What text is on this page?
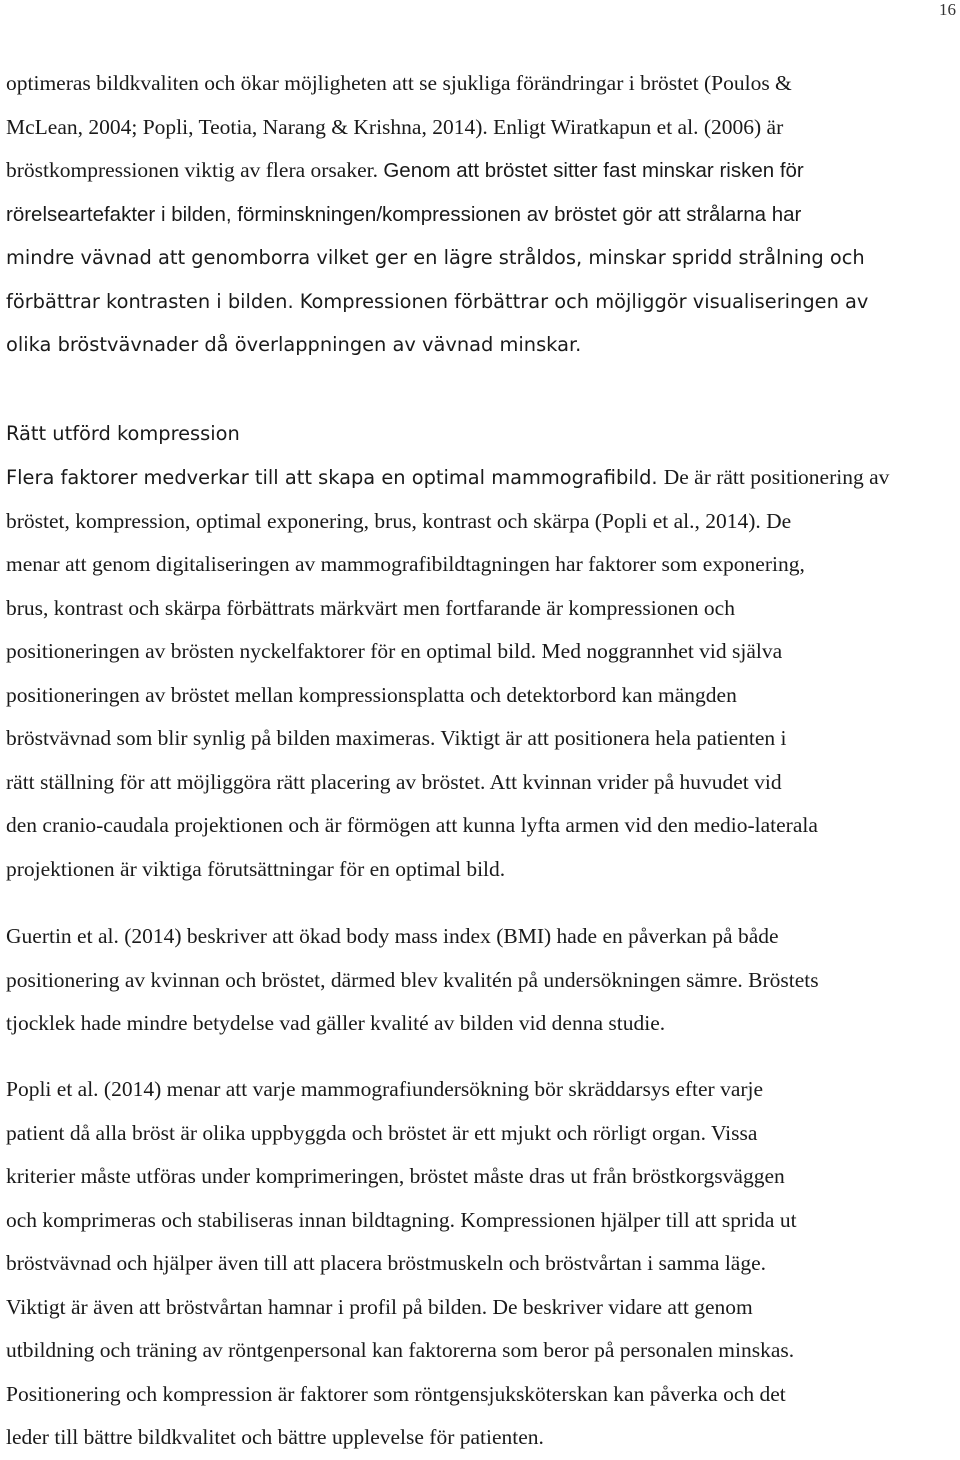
16
optimeras bildkvaliten och ökar möjligheten att se sjukliga förändringar i bröstet (Poulos &
McLean, 2004; Popli, Teotia, Narang & Krishna, 2014). Enligt Wiratkapun et al. (2006) är
bröstkompressionen viktig av flera orsaker. Genom att bröstet sitter fast minskar risken för
rörelseartefakter i bilden, förminskningen/kompressionen av bröstet gör att strålarna har
mindre vävnad att genomborra vilket ger en lägre stråldos, minskar spridd strålning och
förbättrar kontrasten i bilden. Kompressionen förbättrar och möjliggör visualiseringen av
olika bröstvävnader då överlappningen av vävnad minskar.
Rätt utförd kompression
Flera faktorer medverkar till att skapa en optimal mammografibild. De är rätt positionering av
bröstet, kompression, optimal exponering, brus, kontrast och skärpa (Popli et al., 2014). De
menar att genom digitaliseringen av mammografibildtagningen har faktorer som exponering,
brus, kontrast och skärpa förbättrats märkvärt men fortfarande är kompressionen och
positioneringen av brösten nyckelfaktorer för en optimal bild. Med noggrannhet vid själva
positioneringen av bröstet mellan kompressionsplatta och detektorbord kan mängden
bröstvävnad som blir synlig på bilden maximeras. Viktigt är att positionera hela patienten i
rätt ställning för att möjliggöra rätt placering av bröstet. Att kvinnan vrider på huvudet vid
den cranio-caudala projektionen och är förmögen att kunna lyfta armen vid den medio-laterala
projektionen är viktiga förutsättningar för en optimal bild.
Guertin et al. (2014) beskriver att ökad body mass index (BMI) hade en påverkan på både
positionering av kvinnan och bröstet, därmed blev kvalitén på undersökningen sämre. Bröstets
tjocklek hade mindre betydelse vad gäller kvalité av bilden vid denna studie.
Popli et al. (2014) menar att varje mammografiundersökning bör skräddarsys efter varje
patient då alla bröst är olika uppbyggda och bröstet är ett mjukt och rörligt organ. Vissa
kriterier måste utföras under komprimeringen, bröstet måste dras ut från bröstkorgsväggen
och komprimeras och stabiliseras innan bildtagning. Kompressionen hjälper till att sprida ut
bröstvävnad och hjälper även till att placera bröstmuskeln och bröstvårtan i samma läge.
Viktigt är även att bröstvårtan hamnar i profil på bilden. De beskriver vidare att genom
utbildning och träning av röntgenpersonal kan faktorerna som beror på personalen minskas.
Positionering och kompression är faktorer som röntgensjuksköterskan kan påverka och det
leder till bättre bildkvalitet och bättre upplevelse för patienten.
